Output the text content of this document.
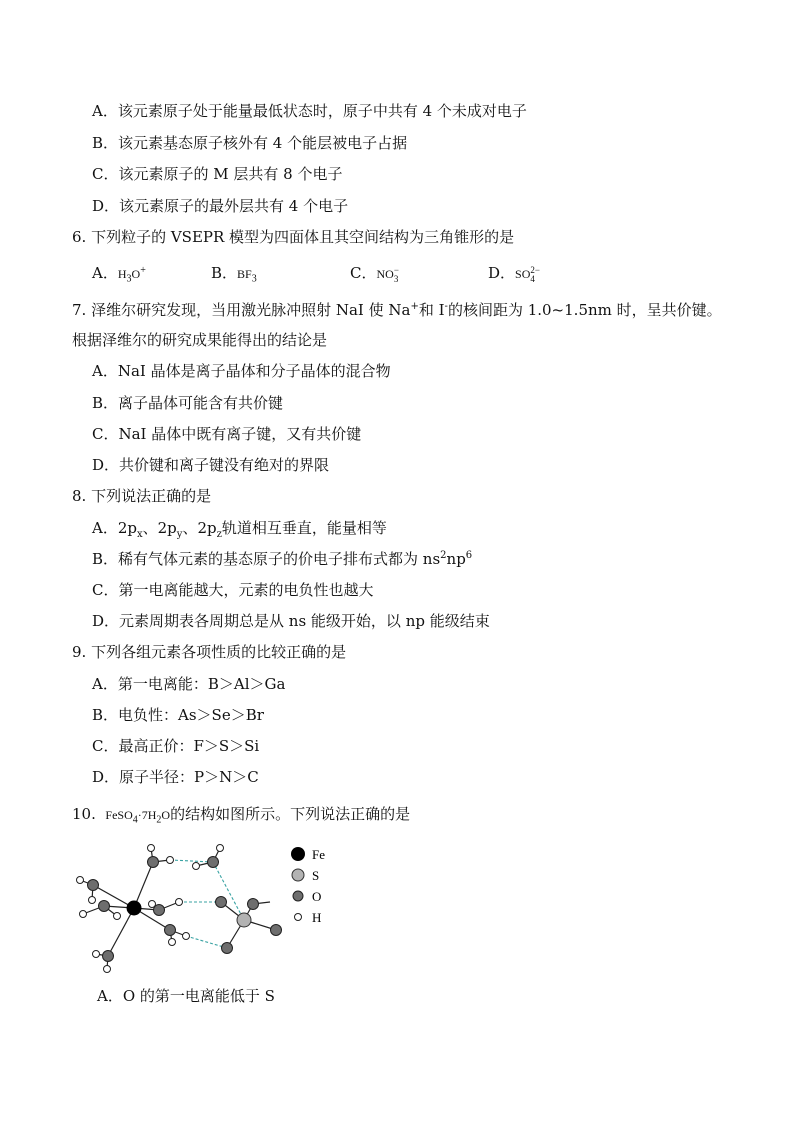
A．该元素原子处于能量最低状态时，原子中共有 4 个未成对电子
B．该元素基态原子核外有 4 个能层被电子占据
C．该元素原子的 M 层共有 8 个电子
D．该元素原子的最外层共有 4 个电子
6. 下列粒子的 VSEPR 模型为四面体且其空间结构为三角锥形的是
A．$H_3O^+$	B．$BF_3$	C．NO −
3	D．SO 2−
4
7. 泽维尔研究发现，当用激光脉冲照射 NaI 使 Na+和 I-的核间距为 1.0~1.5nm 时，呈共价键。
根据泽维尔的研究成果能得出的结论是
A．NaI 晶体是离子晶体和分子晶体的混合物
B．离子晶体可能含有共价键
C．NaI 晶体中既有离子键，又有共价键
D．共价键和离子键没有绝对的界限
8. 下列说法正确的是
A．$2p_x$、$2p_y$、$2p_z$轨道相互垂直，能量相等
B．稀有气体元素的基态原子的价电子排布式都为 $ns^2np^6$
C．第一电离能越大，元素的电负性也越大
D．元素周期表各周期总是从 ns 能级开始，以 np 能级结束
9. 下列各组元素各项性质的比较正确的是
A．第一电离能：B＞Al＞Ga
B．电负性：As＞Se＞Br
C．最高正价：F＞S＞Si
D．原子半径：P＞N＞C
10. $FeSO_4\cdot 7H_2O$的结构如图所示。下列说法正确的是
Fe
S
O
H
A．O 的第一电离能低于 S
